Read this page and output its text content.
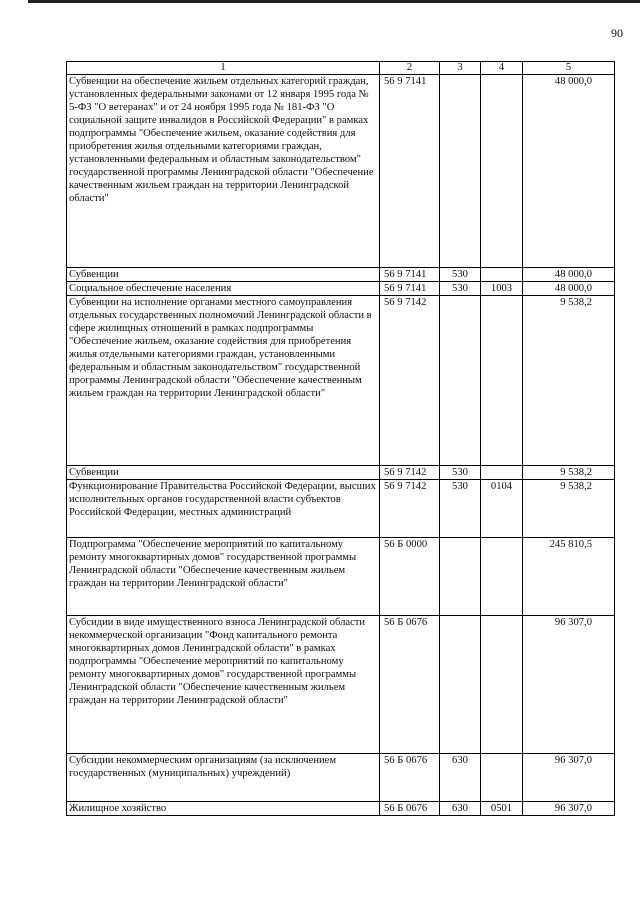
90
1	2	3	4	5
Субвенции на обеспечение жильем отдельных категорий граждан, установленных федеральными законами от 12 января 1995 года № 5-ФЗ "О ветеранах" и от 24 ноября 1995 года № 181-ФЗ "О социальной защите инвалидов в Российской Федерации" в рамках подпрограммы "Обеспечение жильем, оказание содействия для приобретения жилья отдельными категориями граждан, установленными федеральным и областным законодательством" государственной программы Ленинградской области "Обеспечение качественным жильем граждан на территории Ленинградской области"	56 9 7141			48 000,0
Субвенции	56 9 7141	530		48 000,0
Социальное обеспечение населения	56 9 7141	530	1003	48 000,0
Субвенции на исполнение органами местного самоуправления отдельных государственных полномочий Ленинградской области в сфере жилищных отношений в рамках подпрограммы "Обеспечение жильем, оказание содействия для приобретения жилья отдельными категориями граждан, установленными федеральным и областным законодательством" государственной программы Ленинградской области "Обеспечение качественным жильем граждан на территории Ленинградской области"	56 9 7142			9 538,2
Субвенции	56 9 7142	530		9 538,2
Функционирование Правительства Российской Федерации, высших исполнительных органов государственной власти субъектов Российской Федерации, местных администраций	56 9 7142	530	0104	9 538,2
Подпрограмма "Обеспечение мероприятий по капитальному ремонту многоквартирных домов" государственной программы Ленинградской области "Обеспечение качественным жильем граждан на территории Ленинградской области"	56 Б 0000			245 810,5
Субсидии в виде имущественного взноса Ленинградской области некоммерческой организации "Фонд капитального ремонта многоквартирных домов Ленинградской области" в рамках подпрограммы "Обеспечение мероприятий по капитальному ремонту многоквартирных домов" государственной программы Ленинградской области "Обеспечение качественным жильем граждан на территории Ленинградской области"	56 Б 0676			96 307,0
Субсидии некоммерческим организациям (за исключением государственных (муниципальных) учреждений)	56 Б 0676	630		96 307,0
Жилищное хозяйство	56 Б 0676	630	0501	96 307,0
